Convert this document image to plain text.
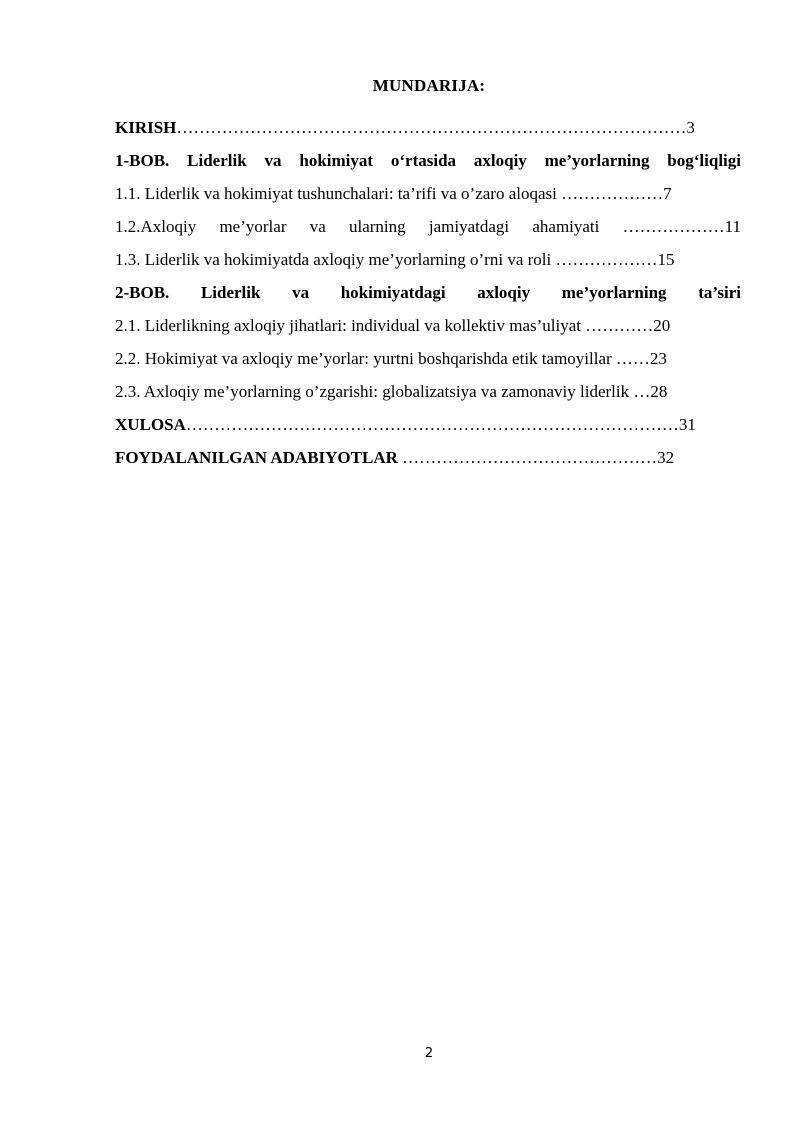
MUNDARIJA:
KIRISH………………………………………………………………………………3
1-BOB. Liderlik va hokimiyat o‘rtasida axloqiy me’yorlarning bog‘liqligi
1.1. Liderlik va hokimiyat tushunchalari: ta’rifi va o’zaro aloqasi ………………7
1.2.Axloqiy me’yorlar va ularning jamiyatdagi ahamiyati ………………11
1.3. Liderlik va hokimiyatda axloqiy me’yorlarning o’rni va roli ………………15
2-BOB. Liderlik va hokimiyatdagi axloqiy me’yorlarning ta’siri
2.1. Liderlikning axloqiy jihatlari: individual va kollektiv mas’uliyat …………20
2.2. Hokimiyat va axloqiy me’yorlar: yurtni boshqarishda etik tamoyillar ……23
2.3. Axloqiy me’yorlarning o’zgarishi: globalizatsiya va zamonaviy liderlik …28
XULOSA……………………………………………………………………………31
FOYDALANILGAN ADABIYOTLAR ………………………………………32
2
